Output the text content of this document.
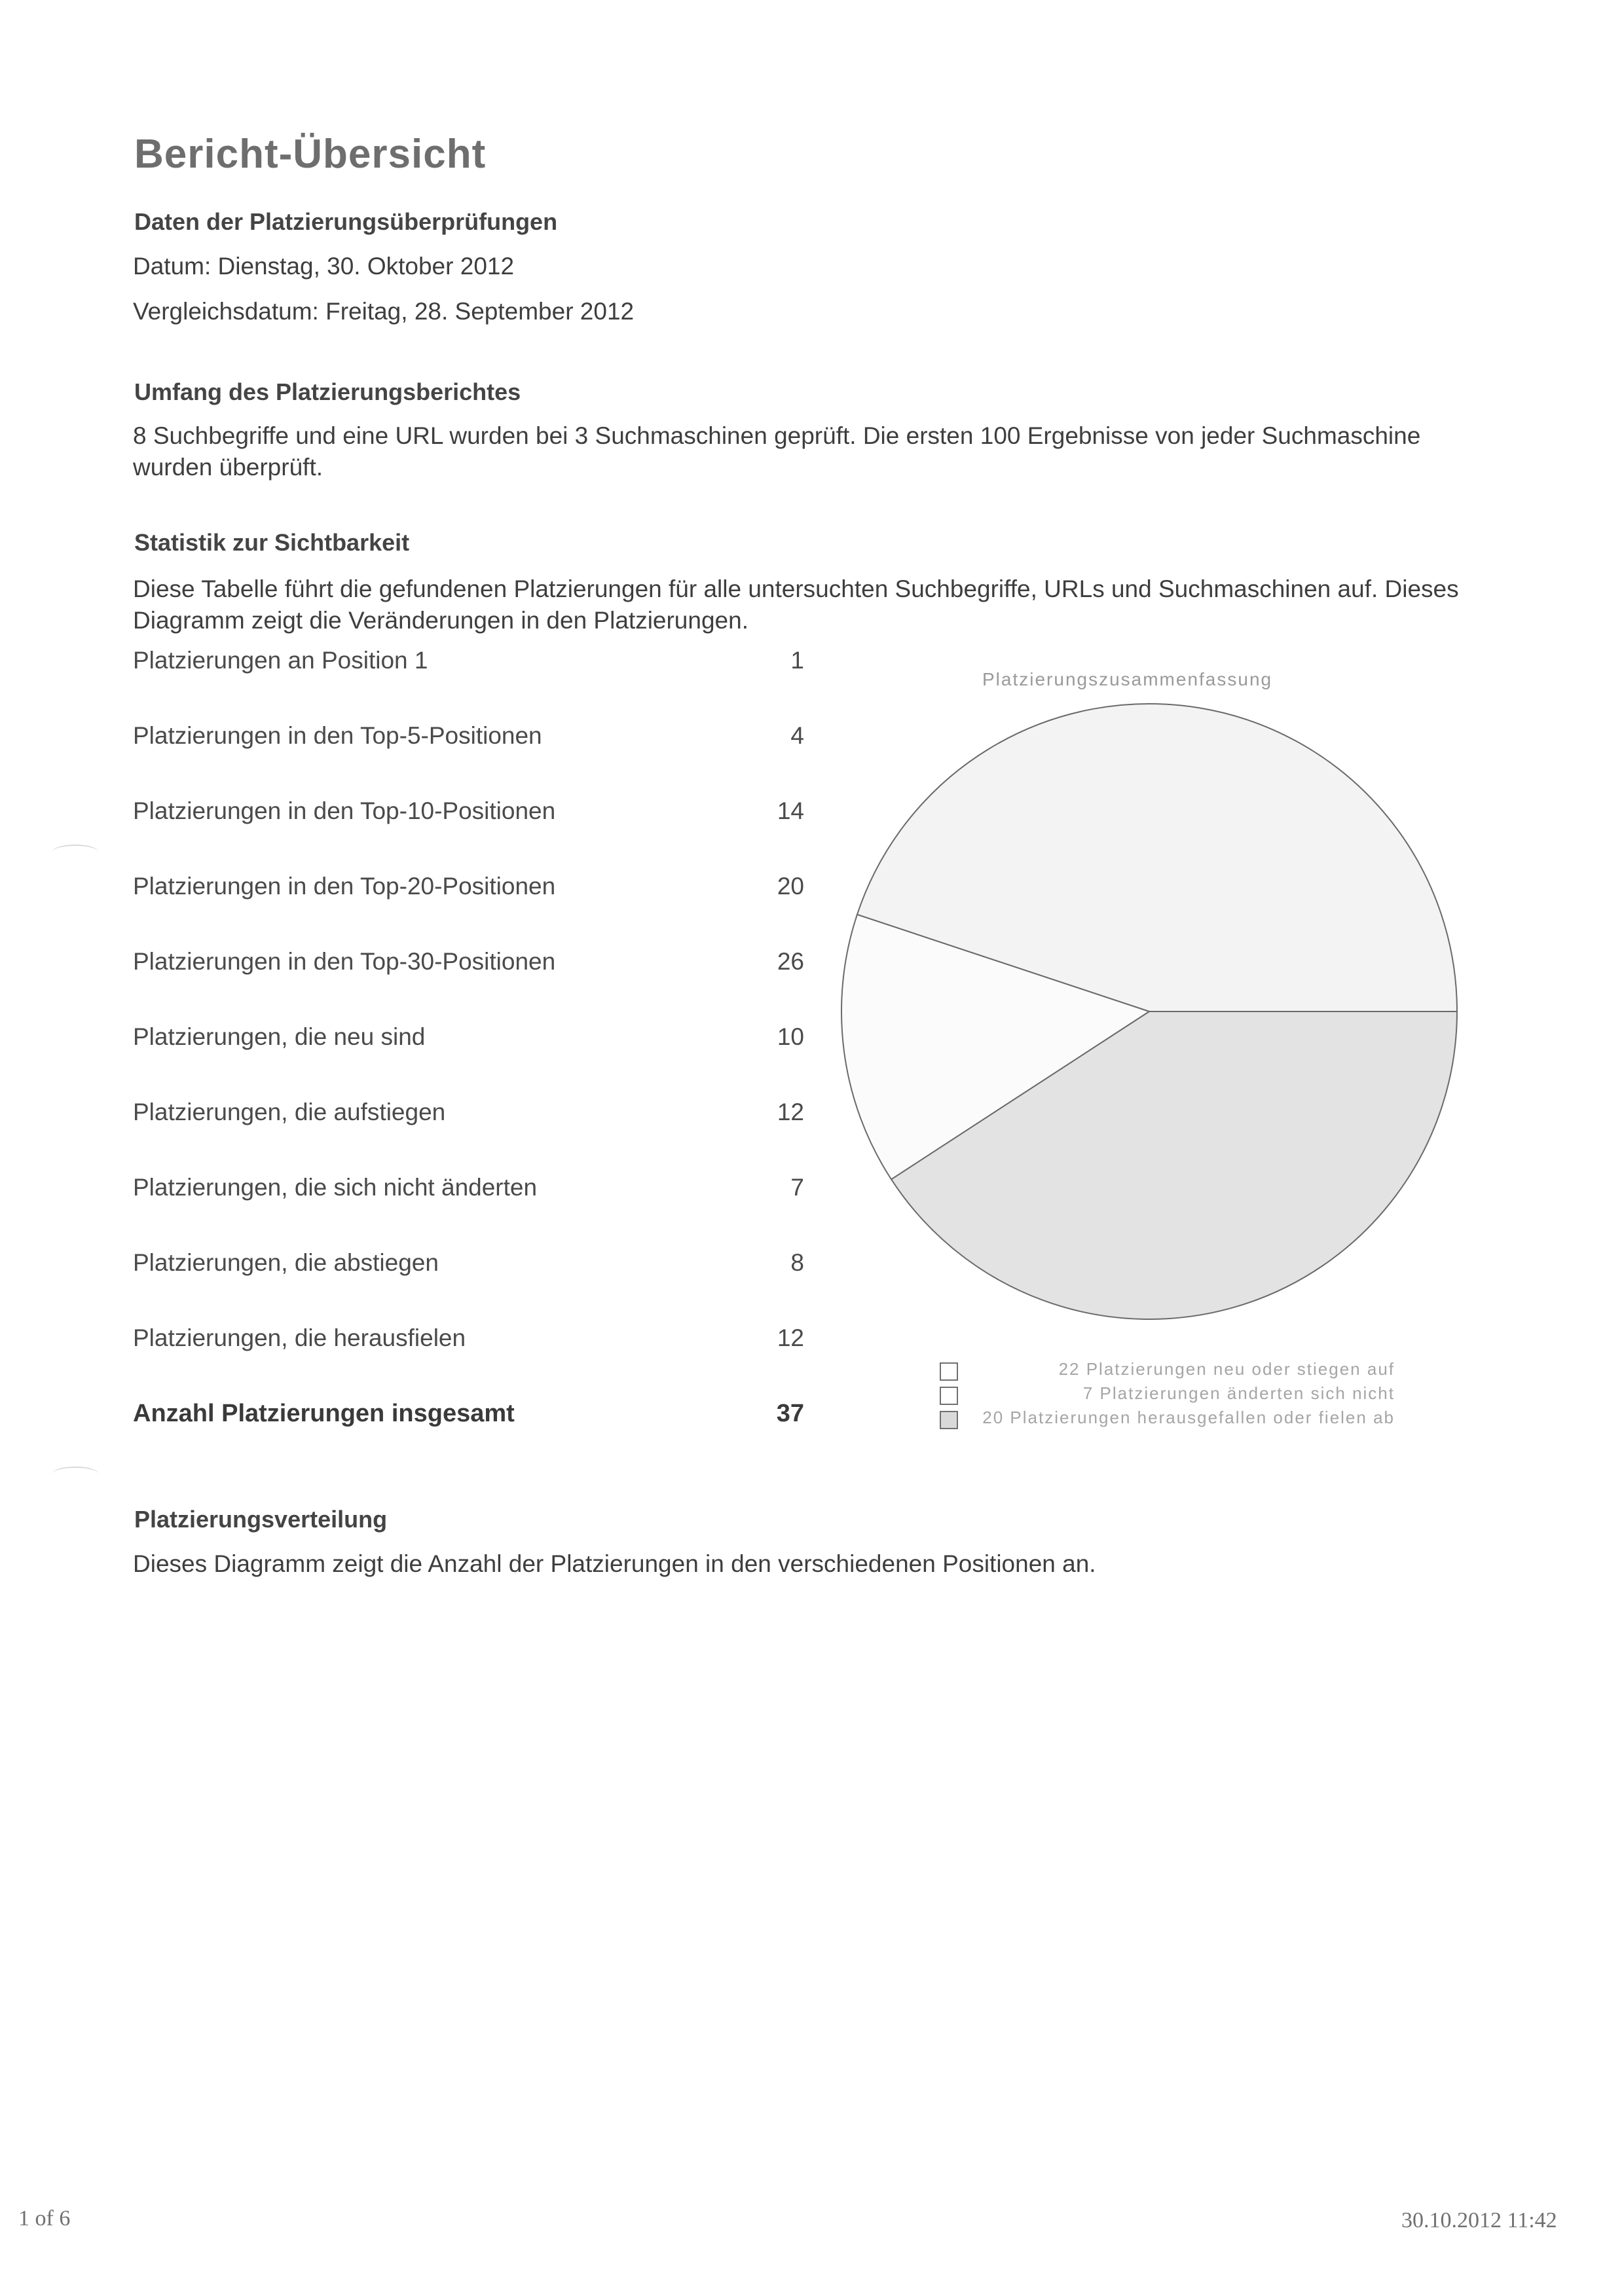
Bericht-Übersicht
Daten der Platzierungsüberprüfungen
Datum: Dienstag, 30. Oktober 2012
Vergleichsdatum: Freitag, 28. September 2012
Umfang des Platzierungsberichtes
8 Suchbegriffe und eine URL wurden bei 3 Suchmaschinen geprüft. Die ersten 100 Ergebnisse von jeder Suchmaschine wurden überprüft.
Statistik zur Sichtbarkeit
Diese Tabelle führt die gefundenen Platzierungen für alle untersuchten Suchbegriffe, URLs und Suchmaschinen auf. Dieses Diagramm zeigt die Veränderungen in den Platzierungen.
Platzierungen an Position 1	1
Platzierungen in den Top-5-Positionen	4
Platzierungen in den Top-10-Positionen	14
Platzierungen in den Top-20-Positionen	20
Platzierungen in den Top-30-Positionen	26
Platzierungen, die neu sind	10
Platzierungen, die aufstiegen	12
Platzierungen, die sich nicht änderten	7
Platzierungen, die abstiegen	8
Platzierungen, die herausfielen	12
Anzahl Platzierungen insgesamt	37
Platzierungszusammenfassung
22 Platzierungen neu oder stiegen auf
7 Platzierungen änderten sich nicht
20 Platzierungen herausgefallen oder fielen ab
Platzierungsverteilung
Dieses Diagramm zeigt die Anzahl der Platzierungen in den verschiedenen Positionen an.
1 of 6	30.10.2012 11:42
